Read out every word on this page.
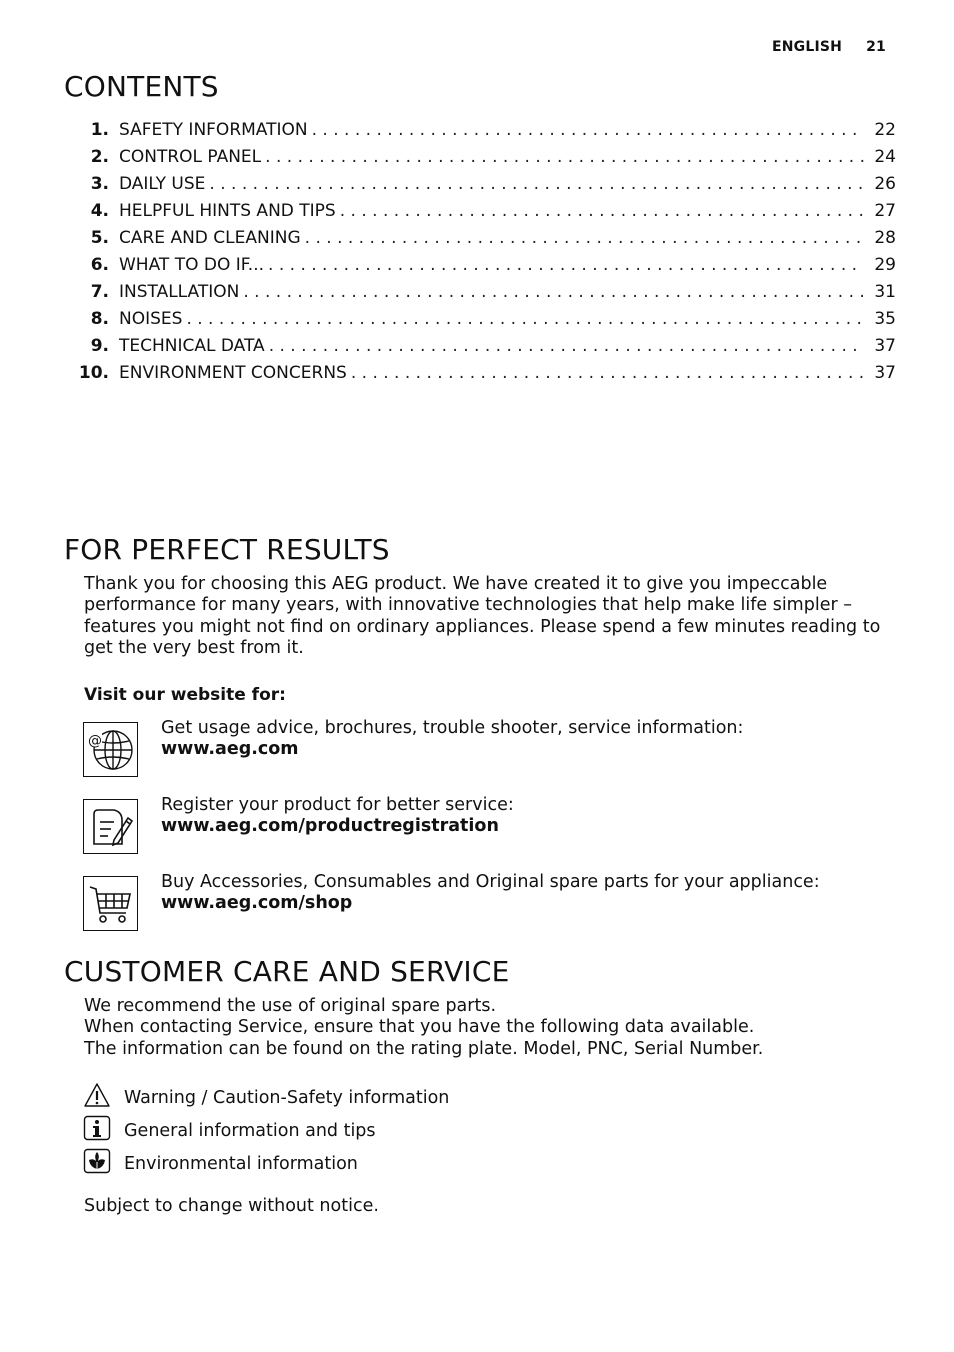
ENGLISH 21
CONTENTS
1. SAFETY INFORMATION . . .	22
2. CONTROL PANEL . . .	24
3. DAILY USE . . .	26
4. HELPFUL HINTS AND TIPS . . .	27
5. CARE AND CLEANING . . .	28
6. WHAT TO DO IF... . . .	29
7. INSTALLATION . . .	31
8. NOISES . . .	35
9. TECHNICAL DATA . . .	37
10. ENVIRONMENT CONCERNS . . .	37
FOR PERFECT RESULTS
Thank you for choosing this AEG product. We have created it to give you impeccable performance for many years, with innovative technologies that help make life simpler – features you might not find on ordinary appliances. Please spend a few minutes reading to get the very best from it.
Visit our website for:
@
Get usage advice, brochures, trouble shooter, service information:
www.aeg.com
Register your product for better service:
www.aeg.com/productregistration
Buy Accessories, Consumables and Original spare parts for your appliance:
www.aeg.com/shop
CUSTOMER CARE AND SERVICE
We recommend the use of original spare parts.
When contacting Service, ensure that you have the following data available.
The information can be found on the rating plate. Model, PNC, Serial Number.
Warning / Caution-Safety information
General information and tips
Environmental information
Subject to change without notice.
